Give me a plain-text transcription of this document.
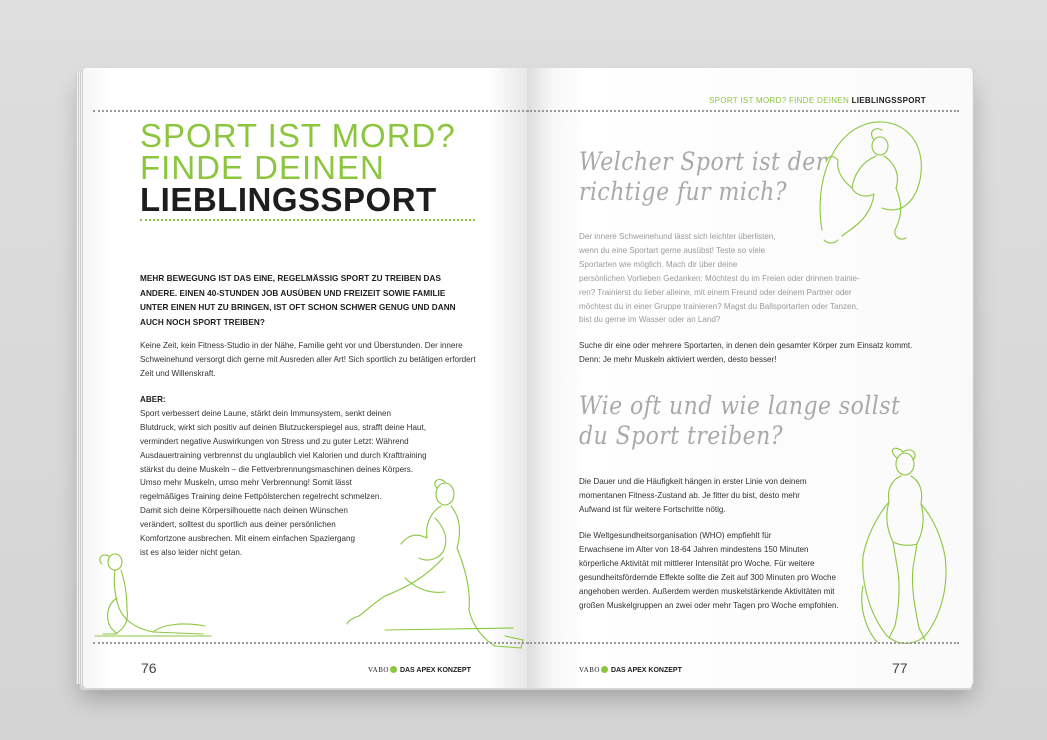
SPORT IST MORD?
FINDE DEINEN
LIEBLINGSSPORT
MEHR BEWEGUNG IST DAS EINE, REGELMÄSSIG SPORT ZU TREIBEN DAS ANDERE. EINEN 40-STUNDEN JOB AUSÜBEN UND FREIZEIT SOWIE FAMILIE UNTER EINEN HUT ZU BRINGEN, IST OFT SCHON SCHWER GENUG UND DANN AUCH NOCH SPORT TREIBEN?
Keine Zeit, kein Fitness-Studio in der Nähe, Familie geht vor und Überstunden. Der innere Schweinehund versorgt dich gerne mit Ausreden aller Art! Sich sportlich zu betätigen erfordert Zeit und Willenskraft.
ABER:
Sport verbessert deine Laune, stärkt dein Immunsystem, senkt deinen
Blutdruck, wirkt sich positiv auf deinen Blutzuckerspiegel aus, strafft deine Haut,
vermindert negative Auswirkungen von Stress und zu guter Letzt: Während
Ausdauertraining verbrennst du unglaublich viel Kalorien und durch Krafttraining
stärkst du deine Muskeln – die Fettverbrennungsmaschinen deines Körpers.
Umso mehr Muskeln, umso mehr Verbrennung! Somit lässt
regelmäßiges Training deine Fettpölsterchen regelrecht schmelzen.
Damit sich deine Körpersilhouette nach deinen Wünschen
verändert, solltest du sportlich aus deiner persönlichen
Komfortzone ausbrechen. Mit einem einfachen Spaziergang
ist es also leider nicht getan.
76	VABO DAS APEX KONZEPT
SPORT IST MORD? FINDE DEINEN LIEBLINGSSPORT
Welcher Sport ist der
richtige fur mich?
Der innere Schweinehund lässt sich leichter überlisten,
wenn du eine Sportart gerne ausübst! Teste so viele
Sportarten wie möglich. Mach dir über deine
persönlichen Vorlieben Gedanken: Möchtest du im Freien oder drinnen trainie-
ren? Trainierst du lieber alleine, mit einem Freund oder deinem Partner oder
möchtest du in einer Gruppe trainieren? Magst du Ballsportarten oder Tanzen,
bist du gerne im Wasser oder an Land?
Suche dir eine oder mehrere Sportarten, in denen dein gesamter Körper zum Einsatz kommt. Denn: Je mehr Muskeln aktiviert werden, desto besser!
Wie oft und wie lange sollst
du Sport treiben?
Die Dauer und die Häufigkeit hängen in erster Linie von deinem
momentanen Fitness-Zustand ab. Je fitter du bist, desto mehr
Aufwand ist für weitere Fortschritte nötig.
Die Weltgesundheitsorganisation (WHO) empfiehlt für
Erwachsene im Alter von 18-64 Jahren mindestens 150 Minuten
körperliche Aktivität mit mittlerer Intensität pro Woche. Für weitere
gesundheitsfördernde Effekte sollte die Zeit auf 300 Minuten pro Woche
angehoben werden. Außerdem werden muskelstärkende Aktivitäten mit
großen Muskelgruppen an zwei oder mehr Tagen pro Woche empfohlen.
VABO DAS APEX KONZEPT	77
